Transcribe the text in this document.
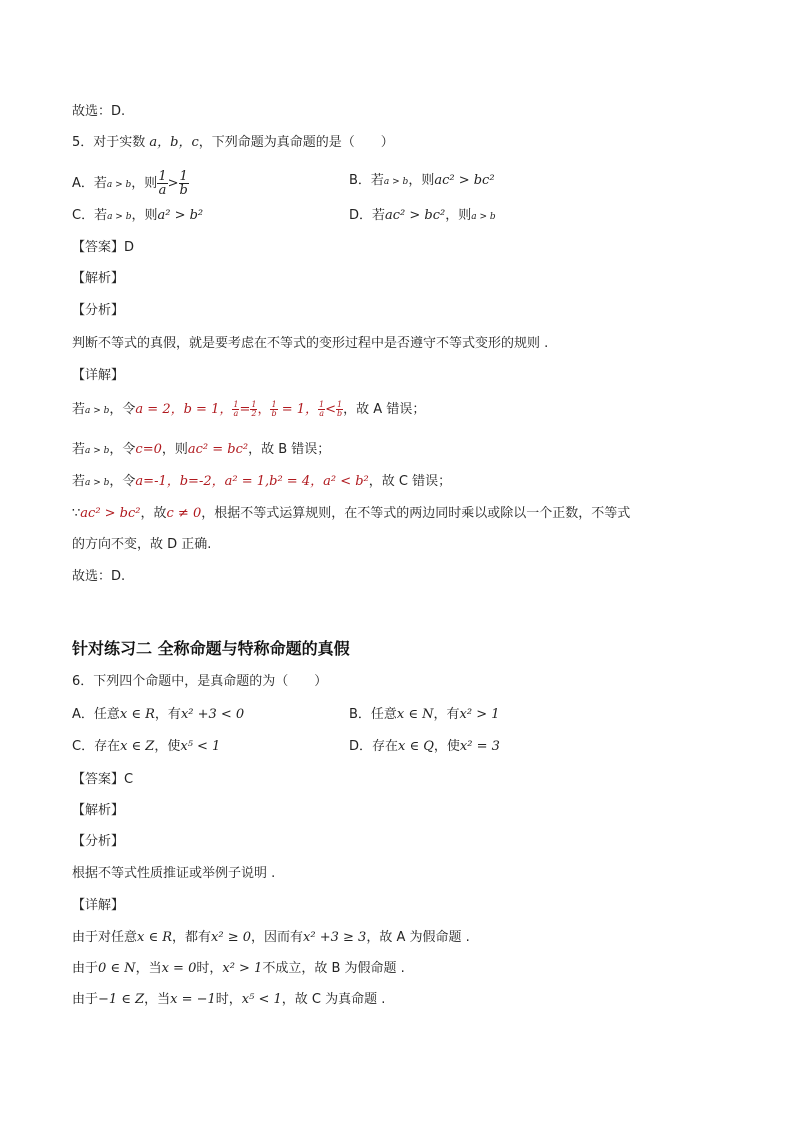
故选：D.
5．对于实数 a，b，c，下列命题为真命题的是（　　）
A．若a > b，则 $\frac{1}{a} > \frac{1}{b}$	B．若a > b，则ac² > bc²
C．若a > b，则a² > b²	D．若ac² > bc²，则a > b
【答案】D
【解析】
【分析】
判断不等式的真假，就是要考虑在不等式的变形过程中是否遵守不等式变形的规则 .
【详解】
若a > b，令a = 2，b = 1， $\frac{1}{a} = \frac{1}{2}$ ， $\frac{1}{b} = 1$， $\frac{1}{a} < \frac{1}{b}$ ，故 A 错误；
若a > b，令c=0，则ac² = bc²，故 B 错误；
若a > b，令a=-1，b=-2，a² = 1,b² = 4，a² < b²，故 C 错误；
∵ac² > bc²，故c ≠ 0，根据不等式运算规则，在不等式的两边同时乘以或除以一个正数，不等式
的方向不变，故 D 正确.
故选：D.
针对练习二 全称命题与特称命题的真假
6．下列四个命题中，是真命题的为（　　）
A．任意x ∈ R，有x² +3 < 0	B．任意x ∈ N，有x² > 1
C．存在x ∈ Z，使x⁵ < 1	D．存在x ∈ Q，使x² = 3
【答案】C
【解析】
【分析】
根据不等式性质推证或举例子说明 .
【详解】
由于对任意x ∈ R，都有x² ≥ 0，因而有x² +3 ≥ 3，故 A 为假命题 .
由于0 ∈ N，当x = 0时，x² > 1不成立，故 B 为假命题 .
由于−1 ∈ Z，当x = −1时，x⁵ < 1，故 C 为真命题 .
